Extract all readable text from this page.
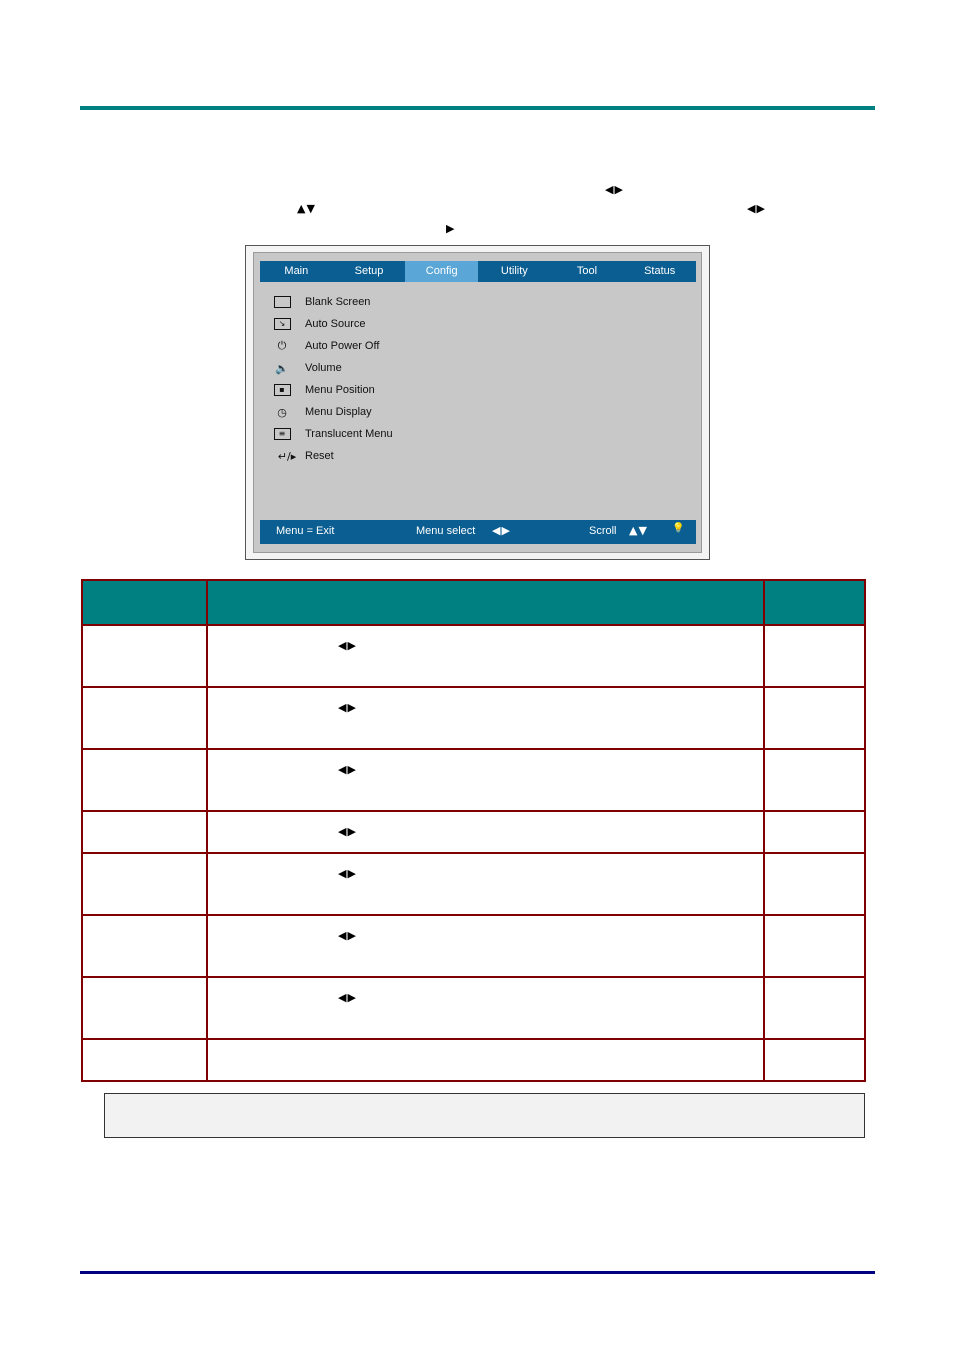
◀▶
▲▼	◀▶
▶
Main	Setup	Config	Utility	Tool	Status
Blank Screen
↘	Auto Source
⏻	Auto Power Off
🔈 Volume
▪	Menu Position
◷	Menu Display
≡	Translucent Menu
↵/▸ Reset
Menu = Exit	Menu select ◀▶	Scroll ▲▼ 💡

	◀▶	
	◀▶	
	◀▶	
	◀▶	
	◀▶	
	◀▶	
	◀▶	
